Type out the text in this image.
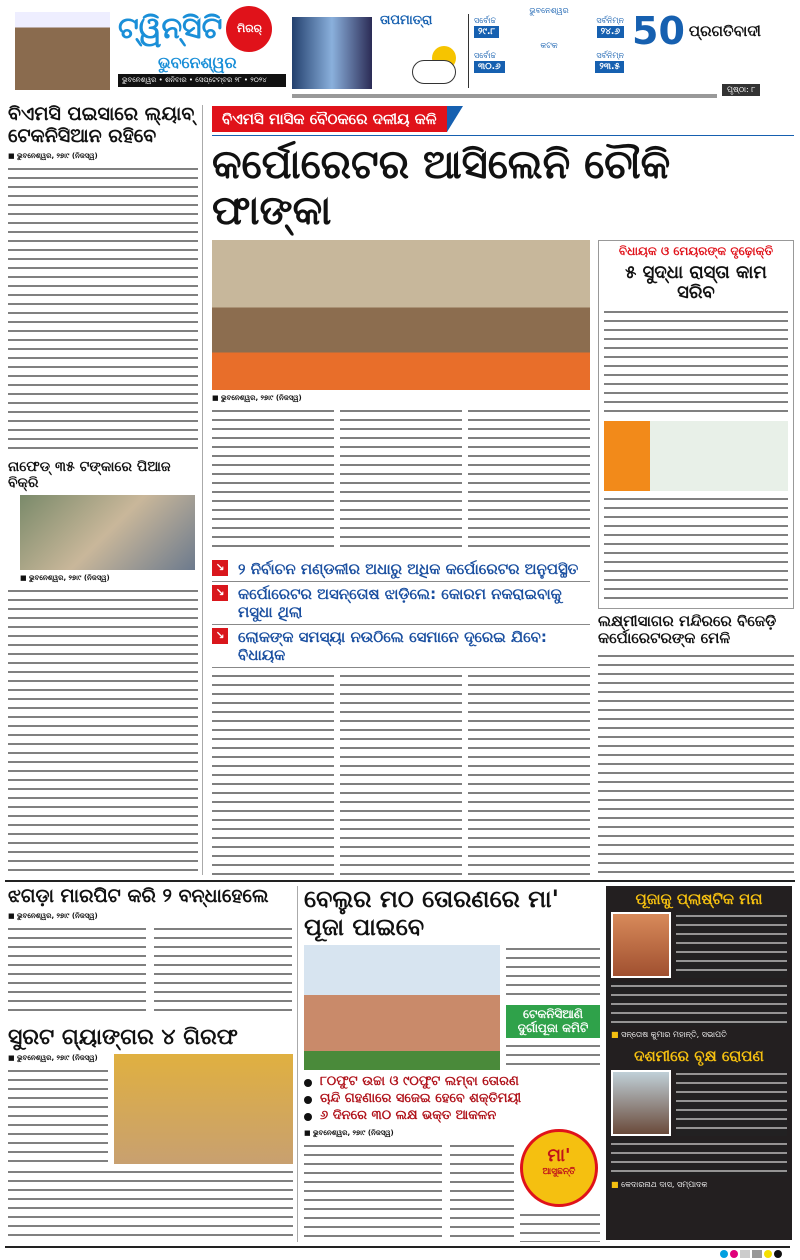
ଟ୍ୱିନ୍‌ସିଟି	ମିରର୍
ଭୁବନେଶ୍ୱର
ଭୁବନେଶ୍ୱର • ଶନିବାର • ସେପ୍ଟେମ୍ବର ୨୮ • ୨୦୨୪
ତାପମାତ୍ରା
ଭୁବନେଶ୍ୱର
ସର୍ବୋଚ୍ଚ	ସର୍ବନିମ୍ନ
୨୯.୮	୨୪.୬
କଟକ
ସର୍ବୋଚ୍ଚ	ସର୍ବନିମ୍ନ
୩୦.୬	୨୩.୫
50 ପ୍ରଗତିବାଦୀ
ପୃଷ୍ଠା: ୮
ବିଏମସି ପଇସାରେ ଲ୍ୟାବ୍ ଟେକନିସିଆନ ରହିବେ
■ ଭୁବନେଶ୍ୱର, ୨୭ା୯ (ନିଜସ୍ୱ)
ନାଫେଡ୍‌ ୩୫ ଟଙ୍କାରେ ପିଆଜ ବିକ୍ରି
■ ଭୁବନେଶ୍ୱର, ୨୭ା୯ (ନିଜସ୍ୱ)
ବିଏମସି ମାସିକ ବୈଠକରେ ଦଳୀୟ କଳି
କର୍ପୋରେଟର ଆସିଲେନି ଚୌକି ଫାଙ୍କା
■ ଭୁବନେଶ୍ୱର, ୨୭ା୯ (ନିଜସ୍ୱ)
↘ ୨ ନିର୍ବାଚନ ମଣ୍ଡଳୀର ଅଧାରୁ ଅଧିକ କର୍ପୋରେଟର ଅନୁପସ୍ଥିତ
↘ କର୍ପୋରେଟର ଅସନ୍ତୋଷ ଝାଡ଼ିଲେ: କୋରମ ନକରାଇବାକୁ ମସୁଧା ଥିଲା
↘ ଲୋକଙ୍କ ସମସ୍ୟା ନଉଠିଲେ ସେମାନେ ଦୂରେଇ ଯିବେ: ବିଧାୟକ
ବିଧାୟକ ଓ ମେୟରଙ୍କ ଦୃଢ଼ୋକ୍ତି
୫ ସୁଦ୍ଧା ରାସ୍ତା କାମ ସରିବ
ଲକ୍ଷ୍ମୀସାଗର ମନ୍ଦିରରେ ବିଜେଡ଼ି କର୍ପୋରେଟରଙ୍କ ମେଳି
ଝଗଡ଼ା ମାରପିଟ କରି ୨ ବନ୍ଧାହେଲେ
■ ଭୁବନେଶ୍ୱର, ୨୭ା୯ (ନିଜସ୍ୱ)
ସୁରଟ ଗ୍ୟାଙ୍ଗର ୪ ଗିରଫ
■ ଭୁବନେଶ୍ୱର, ୨୭ା୯ (ନିଜସ୍ୱ)
ବେଲୁର ମଠ ତୋରଣରେ ମା' ପୂଜା ପାଇବେ
ଟେକନିସିଆଣି ଦୁର୍ଗାପୂଜା କମିଟି
୮୦ଫୁଟ ଉଚ୍ଚା ଓ ୯୦ଫୁଟ ଲମ୍ବା ତୋରଣ
ଚାନ୍ଦି ଗହଣାରେ ସଜେଇ ହେବେ ଶକ୍ତିମୟୀ
୬ ଦିନରେ ୩୦ ଲକ୍ଷ ଭକ୍ତ ଆକଳନ
■ ଭୁବନେଶ୍ୱର, ୨୭ା୯ (ନିଜସ୍ୱ)
ମା'
ଆସୁଛନ୍ତି
ପୂଜାକୁ ପ୍ଲାଷ୍ଟିକ ମନା
■ ସନ୍ତୋଷ କୁମାର ମହାନ୍ତି, ସଭାପତି
ଦଶମୀରେ ବୃକ୍ଷ ରୋପଣ
■ କେଦାରନାଥ ଦାସ, ସମ୍ପାଦକ
